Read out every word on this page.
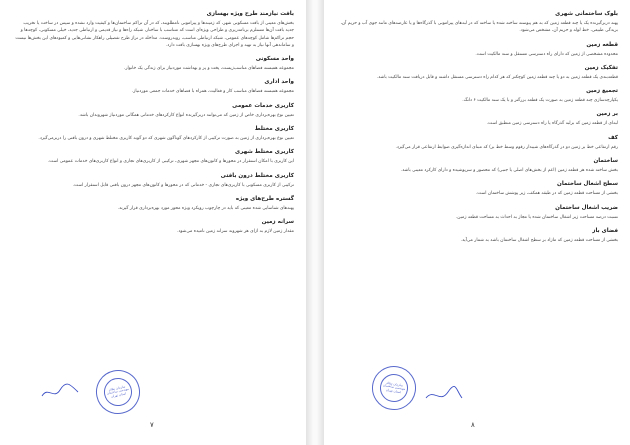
بافت نیازمند طرح ویژه بهسازی

بخش‌های معینی از بافت مسکونی شهر، که زمینه‌ها و پیرامونی نامطلوبند، که در آن تراکم ساختمان‌ها و کیفیت وارد نشده و سپس در ساخت یا تخریب جدید بافت آن‌ها مستلزم برنامه‌ریزی و طراحی ویژه‌ای است که متناسب با ساختار، شبکه راه‌ها و نیاز قدیمی و ارتباطی جدید، خیلی مسکونی، کوچه‌ها و حجم تراکم‌ها شامل کوچه‌های عمومی، شبکه ارتباطی مناسب، روبه‌روست. مداخله در تراز طرح تفصیلی راهکار نشانی‌هایی و کمبودهای این بخش‌ها نیست و ساماندهی آنها نیاز به تهیه و اجرای طرح‌های ویژه بهسازی بافت دارد.

واحد مسکونی

مجموعه همبسته فضاهای مناسب‌زیست، پخت و پز و بهداشت موردنیاز برای زندگی یک خانوار.

واحد اداری

مجموعه همبسته فضاهای مناسب کار و فعالیت، همراه با فضاهای خدمات جمعی موردنیاز.

کاربری خدمات عمومی

تعیین نوع بهره‌برداری خاص از زمین که می‌توانند دربرگیرنده انواع کارکردهای خدماتی همگانی موردنیاز شهروندان باشد.

کاربری مختلط

تعیین نوع بهره‌برداری از زمین به صورت ترکیبی از کارکردهای گوناگون شهری که دو گونه کاربری مختلط شهری و درون بافتی را دربرمی‌گیرد.

کاربری مختلط شهری

این کاربری با امکان استقرار در محورها و کانون‌های مجهز شهری، ترکیبی از کاربری‌های تجاری و انواع کاربری‌های خدمات عمومی است.

کاربری مختلط درون بافتی

ترکیبی از کاربری مسکونی با کاربری‌های تجاری - خدماتی که در محورها و کانون‌های مجهز درون بافتی قابل استقرار است.

گستره طرح‌های ویژه

پهنه‌های شناسایی شده معینی که باید در چارچوب رویکرد ویژه محور مورد بهره‌برداری قرار گیرند.

سرانه زمین

مقدار زمین لازم به ازای هر شهروند سرانه زمین نامیده می‌شود.

سازمان نظام مهندسی ساختمان استان تهران
۷
بلوک ساختمانی شهری

پهنه دربرگیرنده یک یا چند قطعه زمین که به هم پیوسته ساخته شده یا ساخته که در لبه‌های پیرامونی با گذرگاه‌ها و یا عارضه‌های مانند جوی آب و حریم آن، بریدگی طبیعی، خط لوله و حریم آن، مشخص می‌شود.

قطعه زمین

محدوده مشخصی از زمین که دارای راه دسترسی مستقل و سند مالکیت است.

تفکیک زمین

قطعه‌بندی یک قطعه زمین به دو یا چند قطعه زمین کوچکتر که هر کدام راه دسترسی مستقل داشته و قابل دریافت سند مالکیت باشد.

تجمیع زمین

یکپارچه‌سازی چند قطعه زمین به صورت یک قطعه بزرگتر و با یک سند مالکیت ۶ دانگ.

بر زمین

لبه‌ای از قطعه زمین که برلبه گذرگاه یا راه دسترسی زمین منطبق است.

کف

رقم ارتفاعی خط بر زمین دو در گذرگاه‌های شیبدار رقوم وسط خط بر) که مبنای اندازه‌گیری ضوابط ارتفاعی قرار می‌گیرد.

ساختمان

بخش ساخته شده هر قطعه زمین (اعم از بخش‌های اصلی یا جنبی) که محصور و سرپوشیده و دارای کارکرد معینی باشد.

سطح اشغال ساختمان

بخشی از مساحت قطعه زمین که در طبقه همکف، زیر پوشش ساختمان است.

ضریب اشغال ساختمان

نسبت درصد مساحت زیر اشغال ساختمان شده یا مجاز به احداث به مساحت قطعه زمین.

فضای باز

بخشی از مساحت قطعه زمین که مازاد بر سطح اشغال ساختمان باشد به شمار می‌آید.

سازمان نظام مهندسی ساختمان استان تهران
۸
